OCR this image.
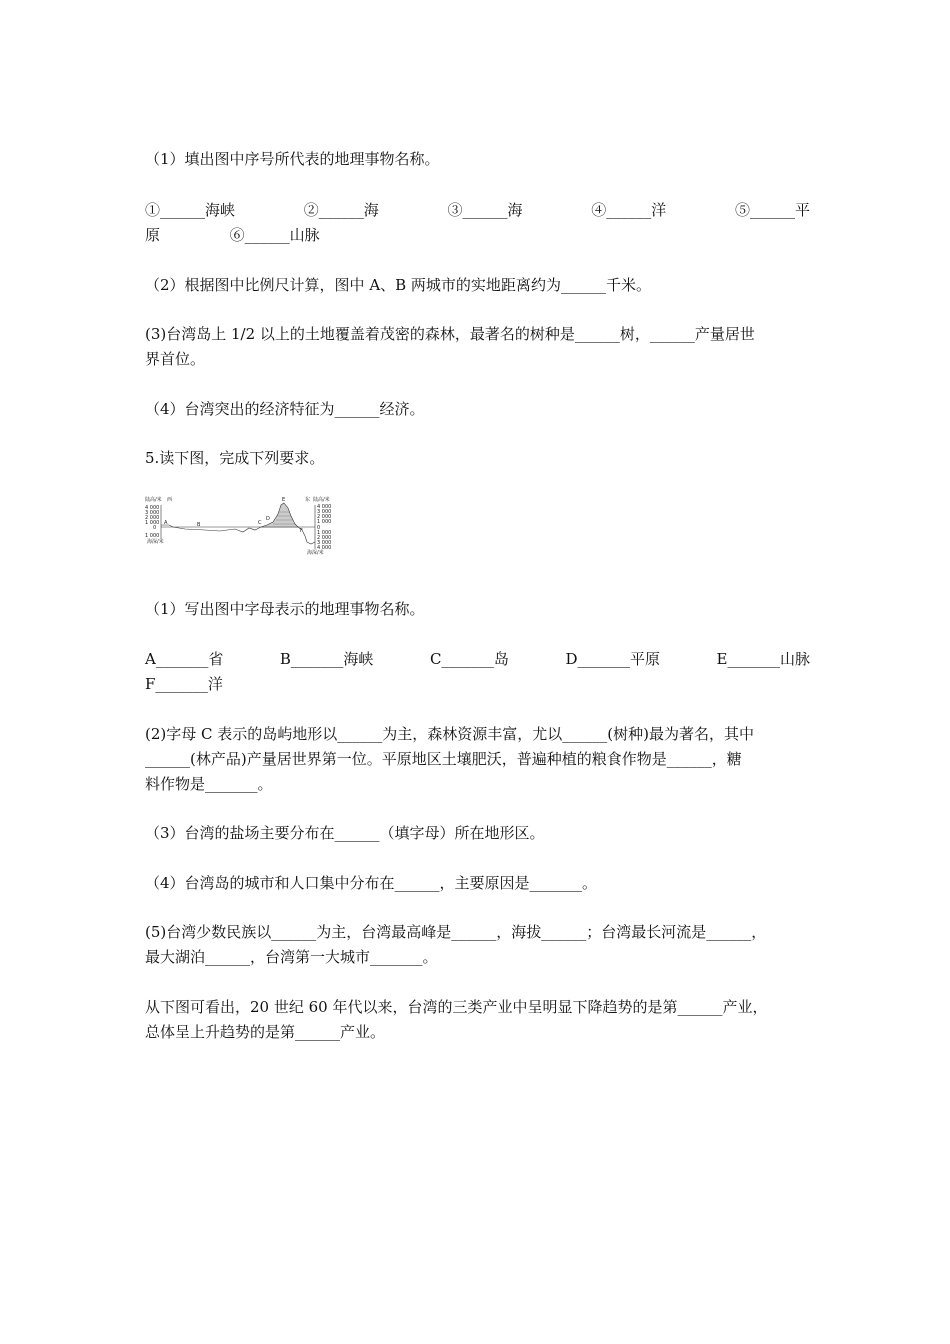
（1）填出图中序号所代表的地理事物名称。

①______海峡	②______海	③______海	④______洋	⑤______平

原	⑥______山脉

（2）根据图中比例尺计算，图中 A、B 两城市的实地距离约为______千米。

(3)台湾岛上 1/2 以上的土地覆盖着茂密的森林，最著名的树种是______树，______产量居世

界首位。

（4）台湾突出的经济特征为______经济。

5.读下图，完成下列要求。

陆高/米 西
4 000
3 000
2 000
1 000
0
1 000
海深/米
A	B	C
D
E
F
东 陆高/米
4 000
3 000
2 000
1 000
0
1 000
2 000
3 000
4 000
海深/米

（1）写出图中字母表示的地理事物名称。

A_______省	B_______海峡	C_______岛	D_______平原	E_______山脉

F_______洋

(2)字母 C 表示的岛屿地形以______为主，森林资源丰富，尤以______(树种)最为著名，其中

______(林产品)产量居世界第一位。平原地区土壤肥沃，普遍种植的粮食作物是______，糖

料作物是_______。

（3）台湾的盐场主要分布在______（填字母）所在地形区。

（4）台湾岛的城市和人口集中分布在______，主要原因是_______。

(5)台湾少数民族以______为主，台湾最高峰是______，海拔______；台湾最长河流是______，

最大湖泊______，台湾第一大城市_______。

从下图可看出，20 世纪 60 年代以来，台湾的三类产业中呈明显下降趋势的是第______产业，

总体呈上升趋势的是第______产业。
